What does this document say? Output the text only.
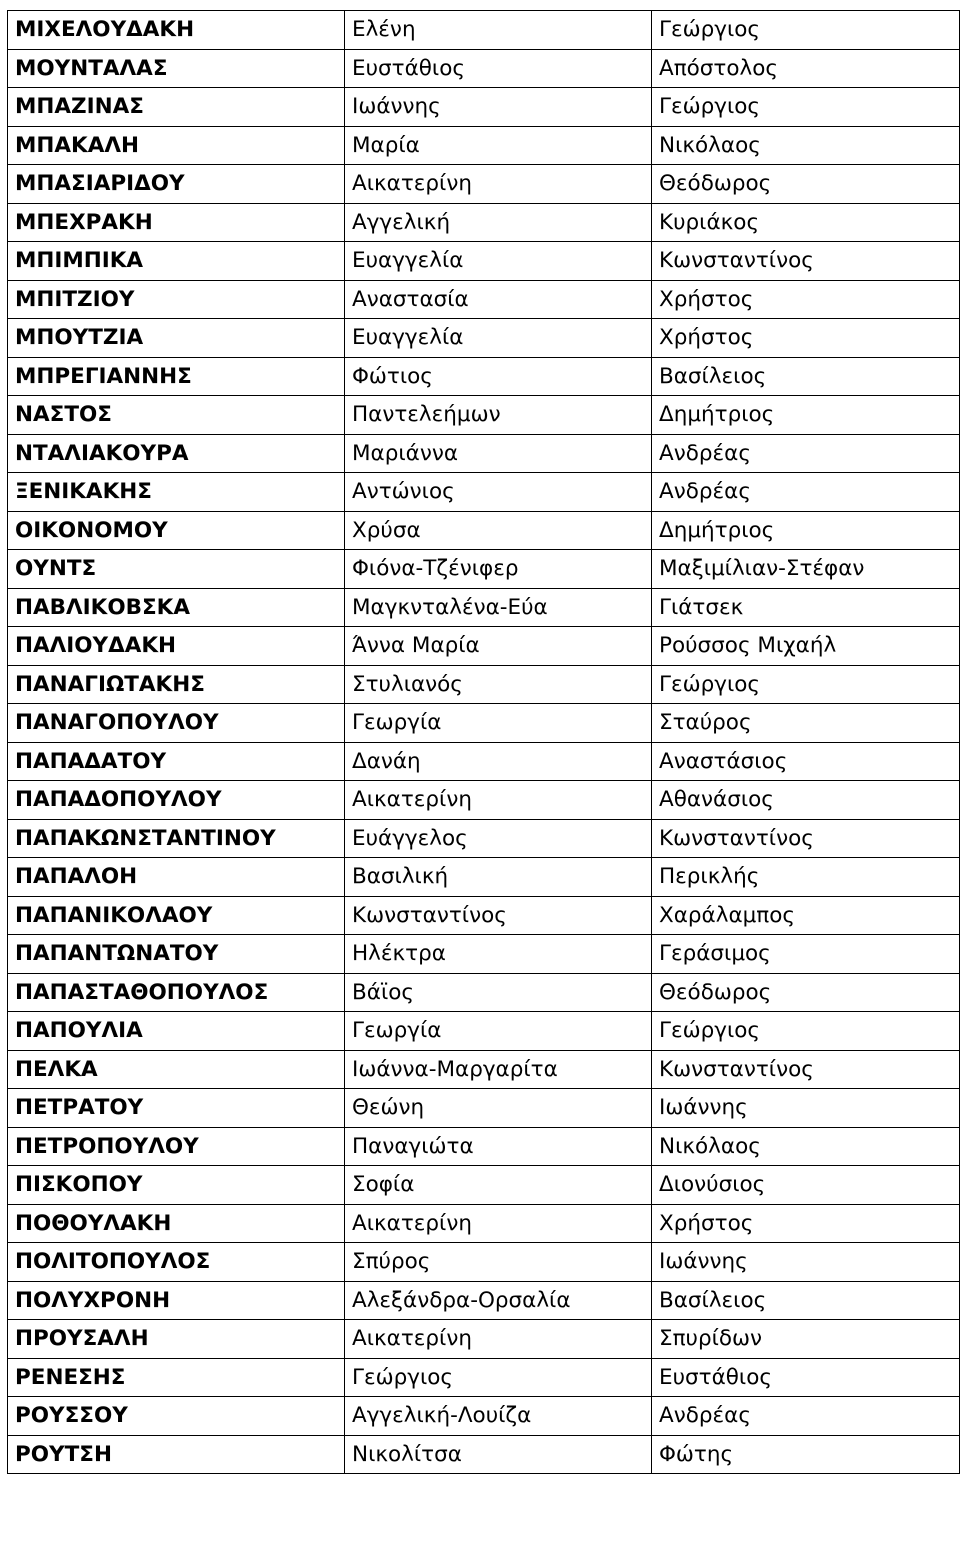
ΜΙΧΕΛΟΥΔΑΚΗ	Ελένη	Γεώργιος
ΜΟΥΝΤΑΛΑΣ	Ευστάθιος	Απόστολος
ΜΠΑΖΙΝΑΣ	Ιωάννης	Γεώργιος
ΜΠΑΚΑΛΗ	Μαρία	Νικόλαος
ΜΠΑΣΙΑΡΙΔΟΥ	Αικατερίνη	Θεόδωρος
ΜΠΕΧΡΑΚΗ	Αγγελική	Κυριάκος
ΜΠΙΜΠΙΚΑ	Ευαγγελία	Κωνσταντίνος
ΜΠΙΤΖΙΟΥ	Αναστασία	Χρήστος
ΜΠΟΥΤΖΙΑ	Ευαγγελία	Χρήστος
ΜΠΡΕΓΙΑΝΝΗΣ	Φώτιος	Βασίλειος
ΝΑΣΤΟΣ	Παντελεήμων	Δημήτριος
ΝΤΑΛΙΑΚΟΥΡΑ	Μαριάννα	Ανδρέας
ΞΕΝΙΚΑΚΗΣ	Αντώνιος	Ανδρέας
ΟΙΚΟΝΟΜΟΥ	Χρύσα	Δημήτριος
ΟΥΝΤΣ	Φιόνα-Τζένιφερ	Μαξιμίλιαν-Στέφαν
ΠΑΒΛΙΚΟΒΣΚΑ	Μαγκνταλένα-Εύα	Γιάτσεκ
ΠΑΛΙΟΥΔΑΚΗ	Άννα Μαρία	Ρούσσος Μιχαήλ
ΠΑΝΑΓΙΩΤΑΚΗΣ	Στυλιανός	Γεώργιος
ΠΑΝΑΓΟΠΟΥΛΟΥ	Γεωργία	Σταύρος
ΠΑΠΑΔΑΤΟΥ	Δανάη	Αναστάσιος
ΠΑΠΑΔΟΠΟΥΛΟΥ	Αικατερίνη	Αθανάσιος
ΠΑΠΑΚΩΝΣΤΑΝΤΙΝΟΥ	Ευάγγελος	Κωνσταντίνος
ΠΑΠΑΛΟΗ	Βασιλική	Περικλής
ΠΑΠΑΝΙΚΟΛΑΟΥ	Κωνσταντίνος	Χαράλαμπος
ΠΑΠΑΝΤΩΝΑΤΟΥ	Ηλέκτρα	Γεράσιμος
ΠΑΠΑΣΤΑΘΟΠΟΥΛΟΣ	Βάϊος	Θεόδωρος
ΠΑΠΟΥΛΙΑ	Γεωργία	Γεώργιος
ΠΕΛΚΑ	Ιωάννα-Μαργαρίτα	Κωνσταντίνος
ΠΕΤΡΑΤΟΥ	Θεώνη	Ιωάννης
ΠΕΤΡΟΠΟΥΛΟΥ	Παναγιώτα	Νικόλαος
ΠΙΣΚΟΠΟΥ	Σοφία	Διονύσιος
ΠΟΘΟΥΛΑΚΗ	Αικατερίνη	Χρήστος
ΠΟΛΙΤΟΠΟΥΛΟΣ	Σπύρος	Ιωάννης
ΠΟΛΥΧΡΟΝΗ	Αλεξάνδρα-Ορσαλία	Βασίλειος
ΠΡΟΥΣΑΛΗ	Αικατερίνη	Σπυρίδων
ΡΕΝΕΣΗΣ	Γεώργιος	Ευστάθιος
ΡΟΥΣΣΟΥ	Αγγελική-Λουίζα	Ανδρέας
ΡΟΥΤΣΗ	Νικολίτσα	Φώτης
